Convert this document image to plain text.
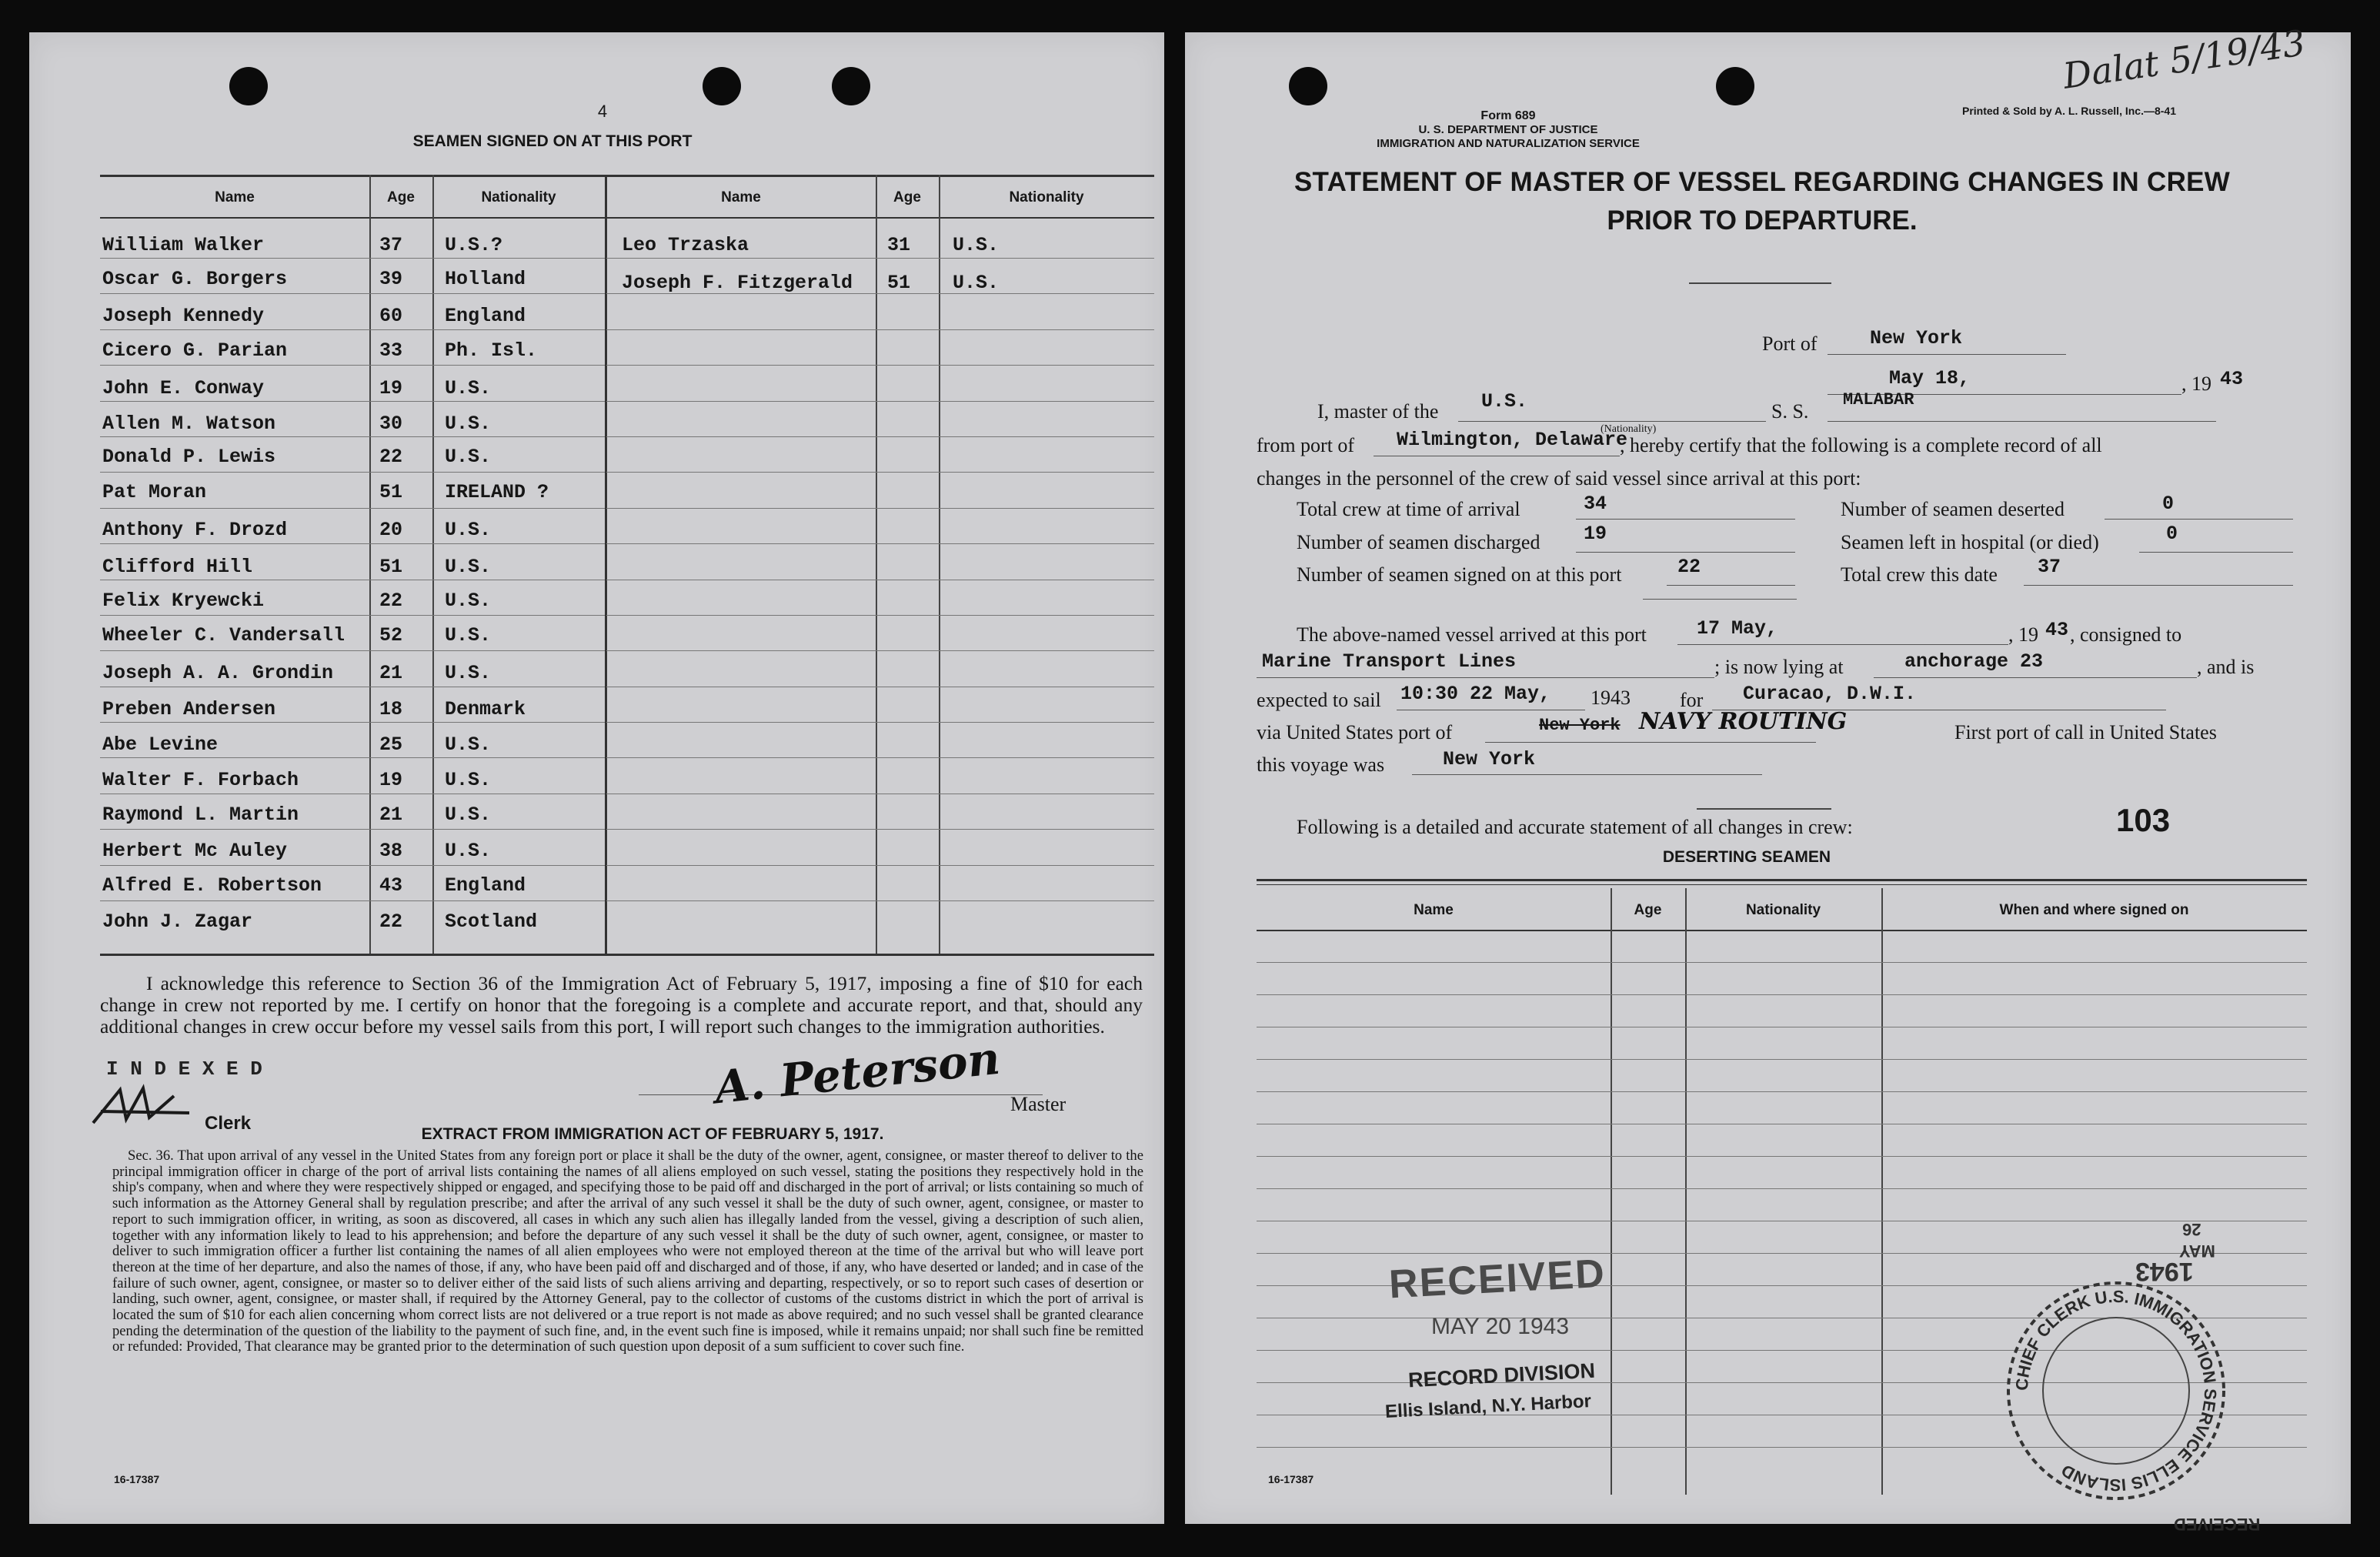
4
SEAMEN SIGNED ON AT THIS PORT
Name	Age	Nationality	Name	Age	Nationality
William Walker	37 U.S.?
Oscar G. Borgers	39 Holland
Joseph Kennedy	60 England
Cicero G. Parian	33 Ph. Isl.
John E. Conway	19 U.S.
Allen M. Watson	30 U.S.
Donald P. Lewis	22 U.S.
Pat Moran	51 IRELAND ?
Anthony F. Drozd	20 U.S.
Clifford Hill	51 U.S.
Felix Kryewcki	22 U.S.
Wheeler C. Vandersall 52 U.S.
Joseph A. A. Grondin 21 U.S.
Preben Andersen	18 Denmark
Abe Levine	25 U.S.
Walter F. Forbach	19 U.S.
Raymond L. Martin	21 U.S.
Herbert Mc Auley	38 U.S.
Alfred E. Robertson	43 England
John J. Zagar	22 Scotland
Leo Trzaska	31 U.S.
Joseph F. Fitzgerald 51 U.S.
I acknowledge this reference to Section 36 of the Immigration Act of February 5, 1917, imposing a fine of $10 for each change in crew not reported by me. I certify on honor that the foregoing is a complete and accurate report, and that, should any additional changes in crew occur before my vessel sails from this port, I will report such changes to the immigration authorities.
I N D E X E D
Clerk
A. Peterson Master
EXTRACT FROM IMMIGRATION ACT OF FEBRUARY 5, 1917.
Sec. 36. That upon arrival of any vessel in the United States from any foreign port or place it shall be the duty of the owner, agent, consignee, or master thereof to deliver to the principal immigration officer in charge of the port of arrival lists containing the names of all aliens employed on such vessel, stating the positions they respectively hold in the ship's company, when and where they were respectively shipped or engaged, and specifying those to be paid off and discharged in the port of arrival; or lists containing so much of such information as the Attorney General shall by regulation prescribe; and after the arrival of any such vessel it shall be the duty of such owner, agent, consignee, or master to report to such immigration officer, in writing, as soon as discovered, all cases in which any such alien has illegally landed from the vessel, giving a description of such alien, together with any information likely to lead to his apprehension; and before the departure of any such vessel it shall be the duty of such owner, agent, consignee, or master to deliver to such immigration officer a further list containing the names of all alien employees who were not employed thereon at the time of the arrival but who will leave port thereon at the time of her departure, and also the names of those, if any, who have been paid off and discharged and of those, if any, who have deserted or landed; and in case of the failure of such owner, agent, consignee, or master so to deliver either of the said lists of such aliens arriving and departing, respectively, or so to report such cases of desertion or landing, such owner, agent, consignee, or master shall, if required by the Attorney General, pay to the collector of customs of the customs district in which the port of arrival is located the sum of $10 for each alien concerning whom correct lists are not delivered or a true report is not made as above required; and no such vessel shall be granted clearance pending the determination of the question of the liability to the payment of such fine, and, in the event such fine is imposed, while it remains unpaid; nor shall such fine be remitted or refunded: Provided, That clearance may be granted prior to the determination of such question upon deposit of a sum sufficient to cover such fine.
16-17387
Dalat 5/19/43
Form 689
U. S. DEPARTMENT OF JUSTICE
IMMIGRATION AND NATURALIZATION SERVICE
Printed & Sold by A. L. Russell, Inc.—8-41
STATEMENT OF MASTER OF VESSEL REGARDING CHANGES IN CREW
PRIOR TO DEPARTURE.
Port of	New York
May 18,	, 19 43
I, master of the U.S.
(Nationality)
S. S.
MALABAR
from port of Wilmington, Delaware
, hereby certify that the following is a complete record of all
changes in the personnel of the crew of said vessel since arrival at this port:
Total crew at time of arrival	34	Number of seamen deserted	0
Number of seamen discharged 19	Seamen left in hospital (or died)	0
Number of seamen signed on at this port	22	Total crew this date 37
The above-named vessel arrived at this port	17 May,	, 19 43 , consigned to
Marine Transport Lines	; is now lying at	anchorage 23	, and is
expected to sail 10:30 22 May, 1943 for Curacao, D.W.I.
via United States port of	New York NAVY ROUTING	First port of call in United States
this voyage was	New York
Following is a detailed and accurate statement of all changes in crew:	103
DESERTING SEAMEN
Name	Age	Nationality	When and where signed on
RECEIVED
MAY 20 1943
RECORD DIVISION
Ellis Island, N.Y. Harbor
1943
MAY
26
CHIEF CLERK U.S. IMMIGRATION SERVICE ELLIS ISLAND
RECEIVED
16-17387
